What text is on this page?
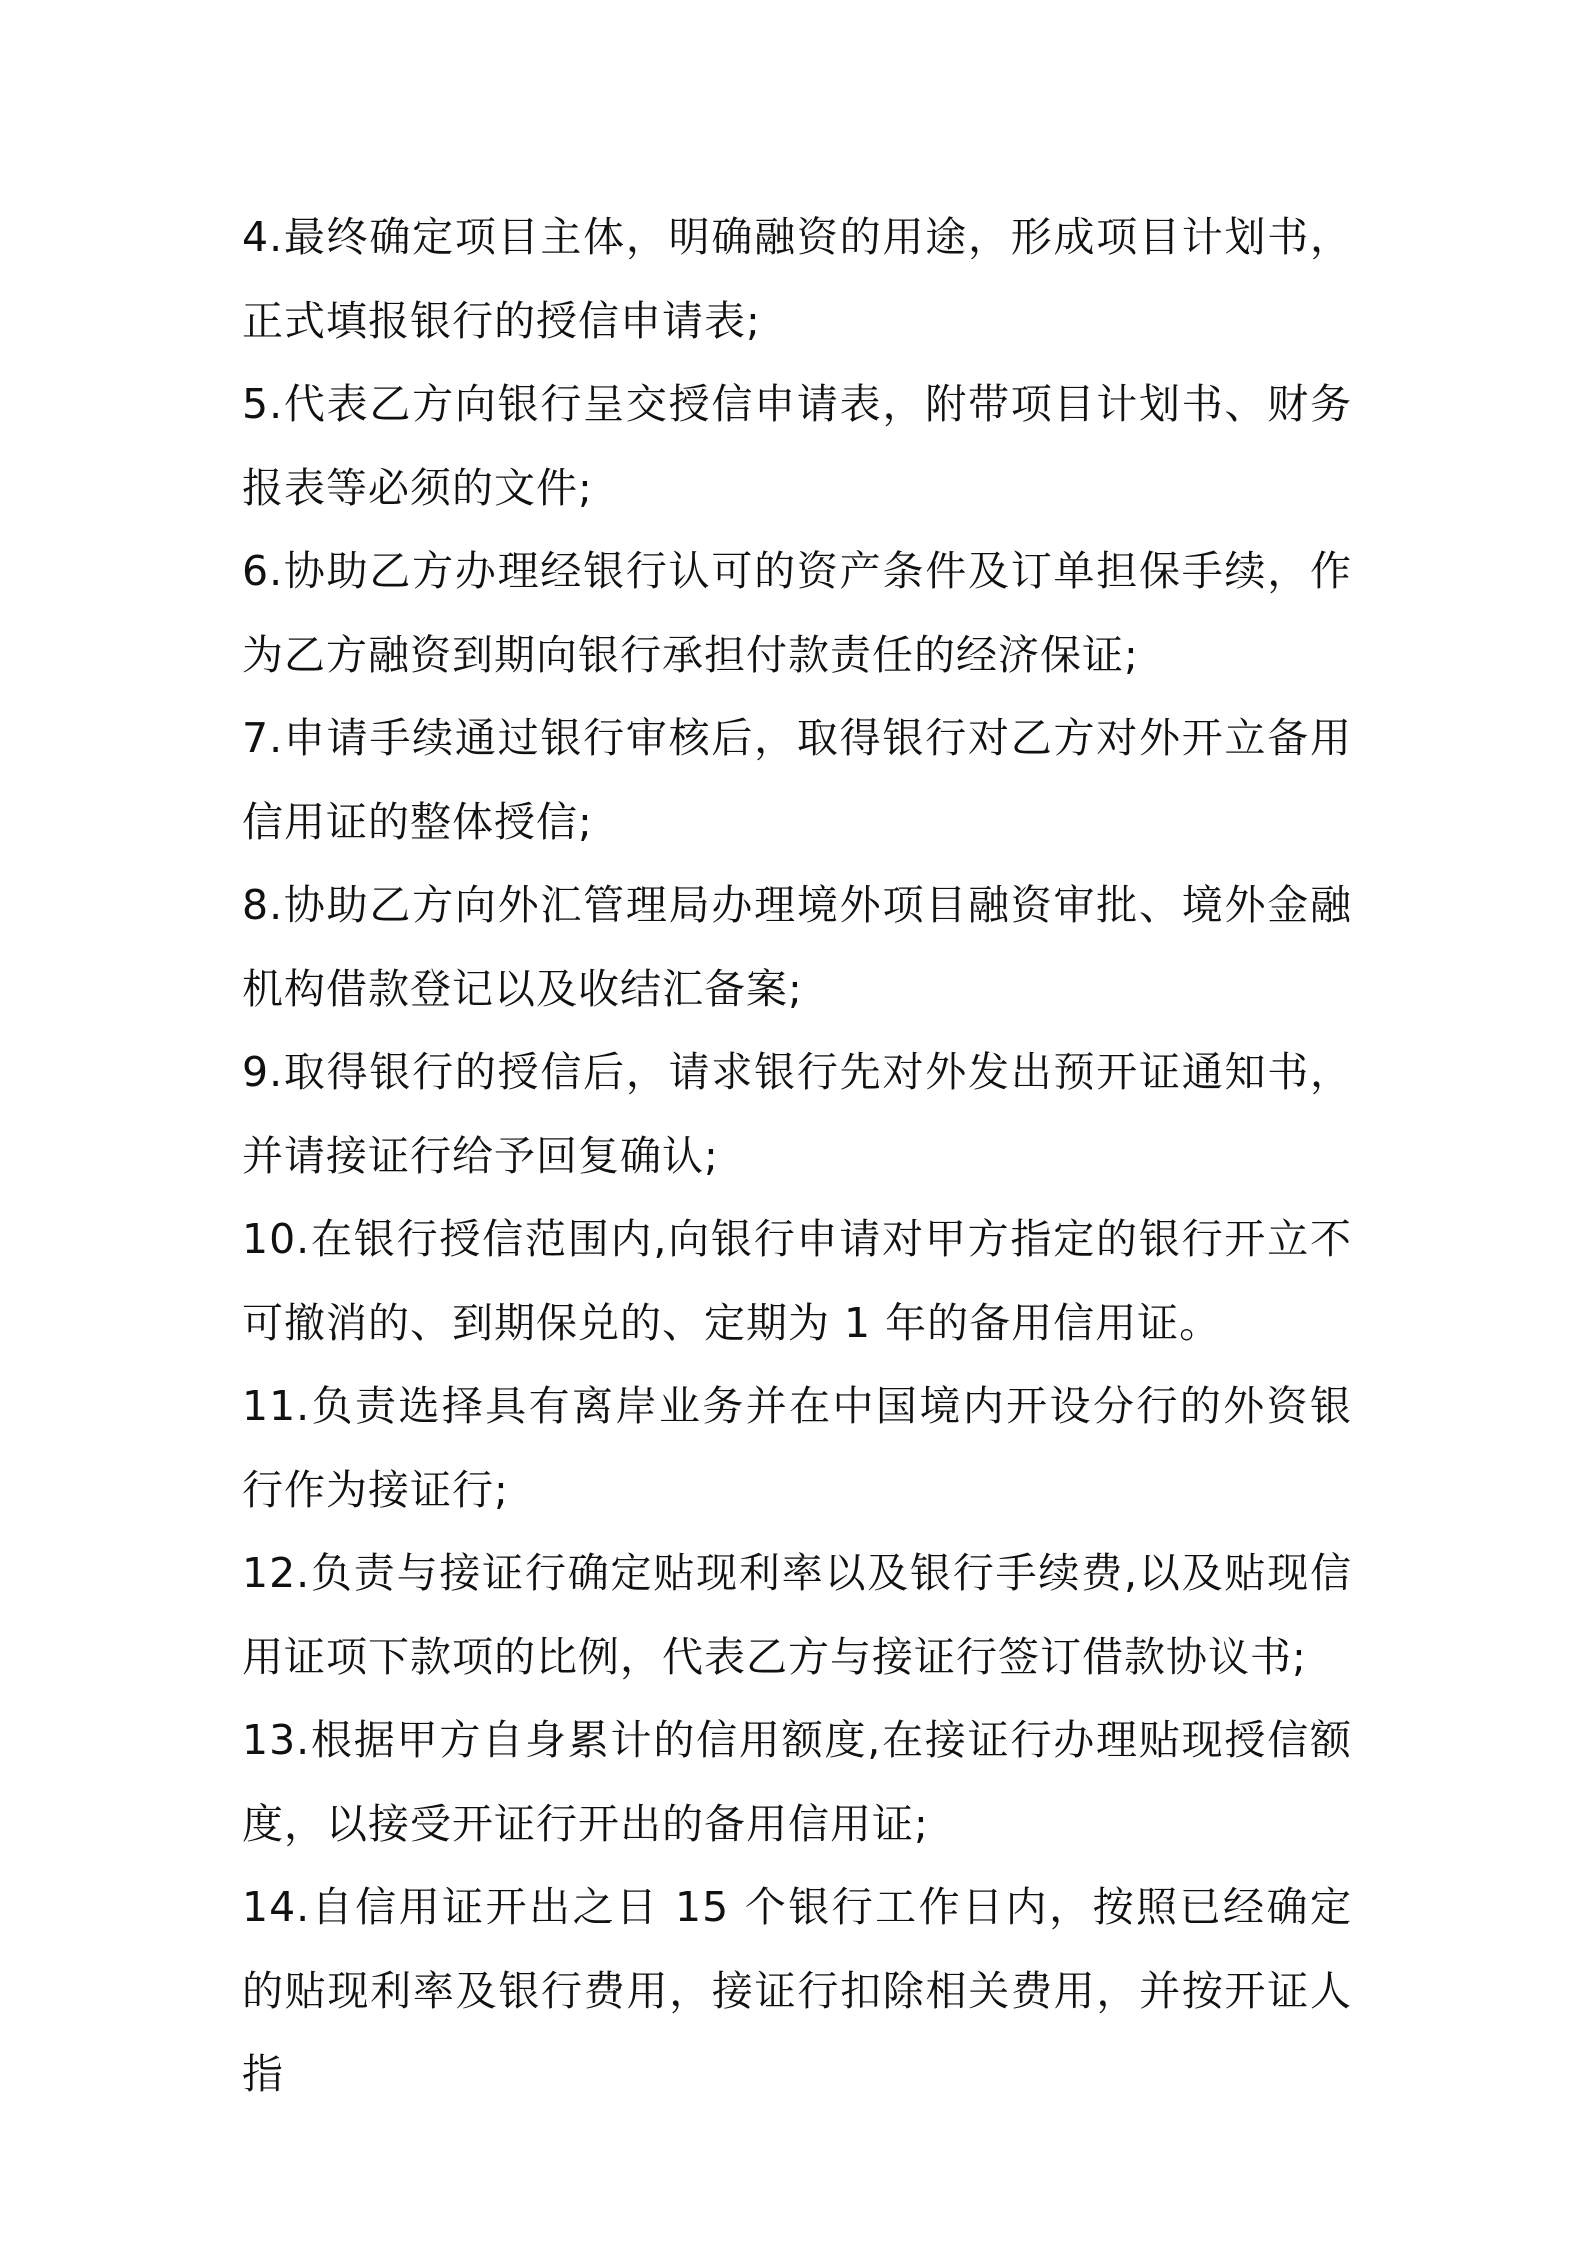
4.最终确定项目主体，明确融资的用途，形成项目计划书，正式填报银行的授信申请表;

5.代表乙方向银行呈交授信申请表，附带项目计划书、财务报表等必须的文件;

6.协助乙方办理经银行认可的资产条件及订单担保手续，作为乙方融资到期向银行承担付款责任的经济保证;

7.申请手续通过银行审核后，取得银行对乙方对外开立备用信用证的整体授信;

8.协助乙方向外汇管理局办理境外项目融资审批、境外金融机构借款登记以及收结汇备案;

9.取得银行的授信后，请求银行先对外发出预开证通知书，并请接证行给予回复确认;

10.在银行授信范围内,向银行申请对甲方指定的银行开立不可撤消的、到期保兑的、定期为 1 年的备用信用证。

11.负责选择具有离岸业务并在中国境内开设分行的外资银行作为接证行;

12.负责与接证行确定贴现利率以及银行手续费,以及贴现信用证项下款项的比例，代表乙方与接证行签订借款协议书;

13.根据甲方自身累计的信用额度,在接证行办理贴现授信额度，以接受开证行开出的备用信用证;

14.自信用证开出之日 15 个银行工作日内，按照已经确定的贴现利率及银行费用，接证行扣除相关费用，并按开证人指
